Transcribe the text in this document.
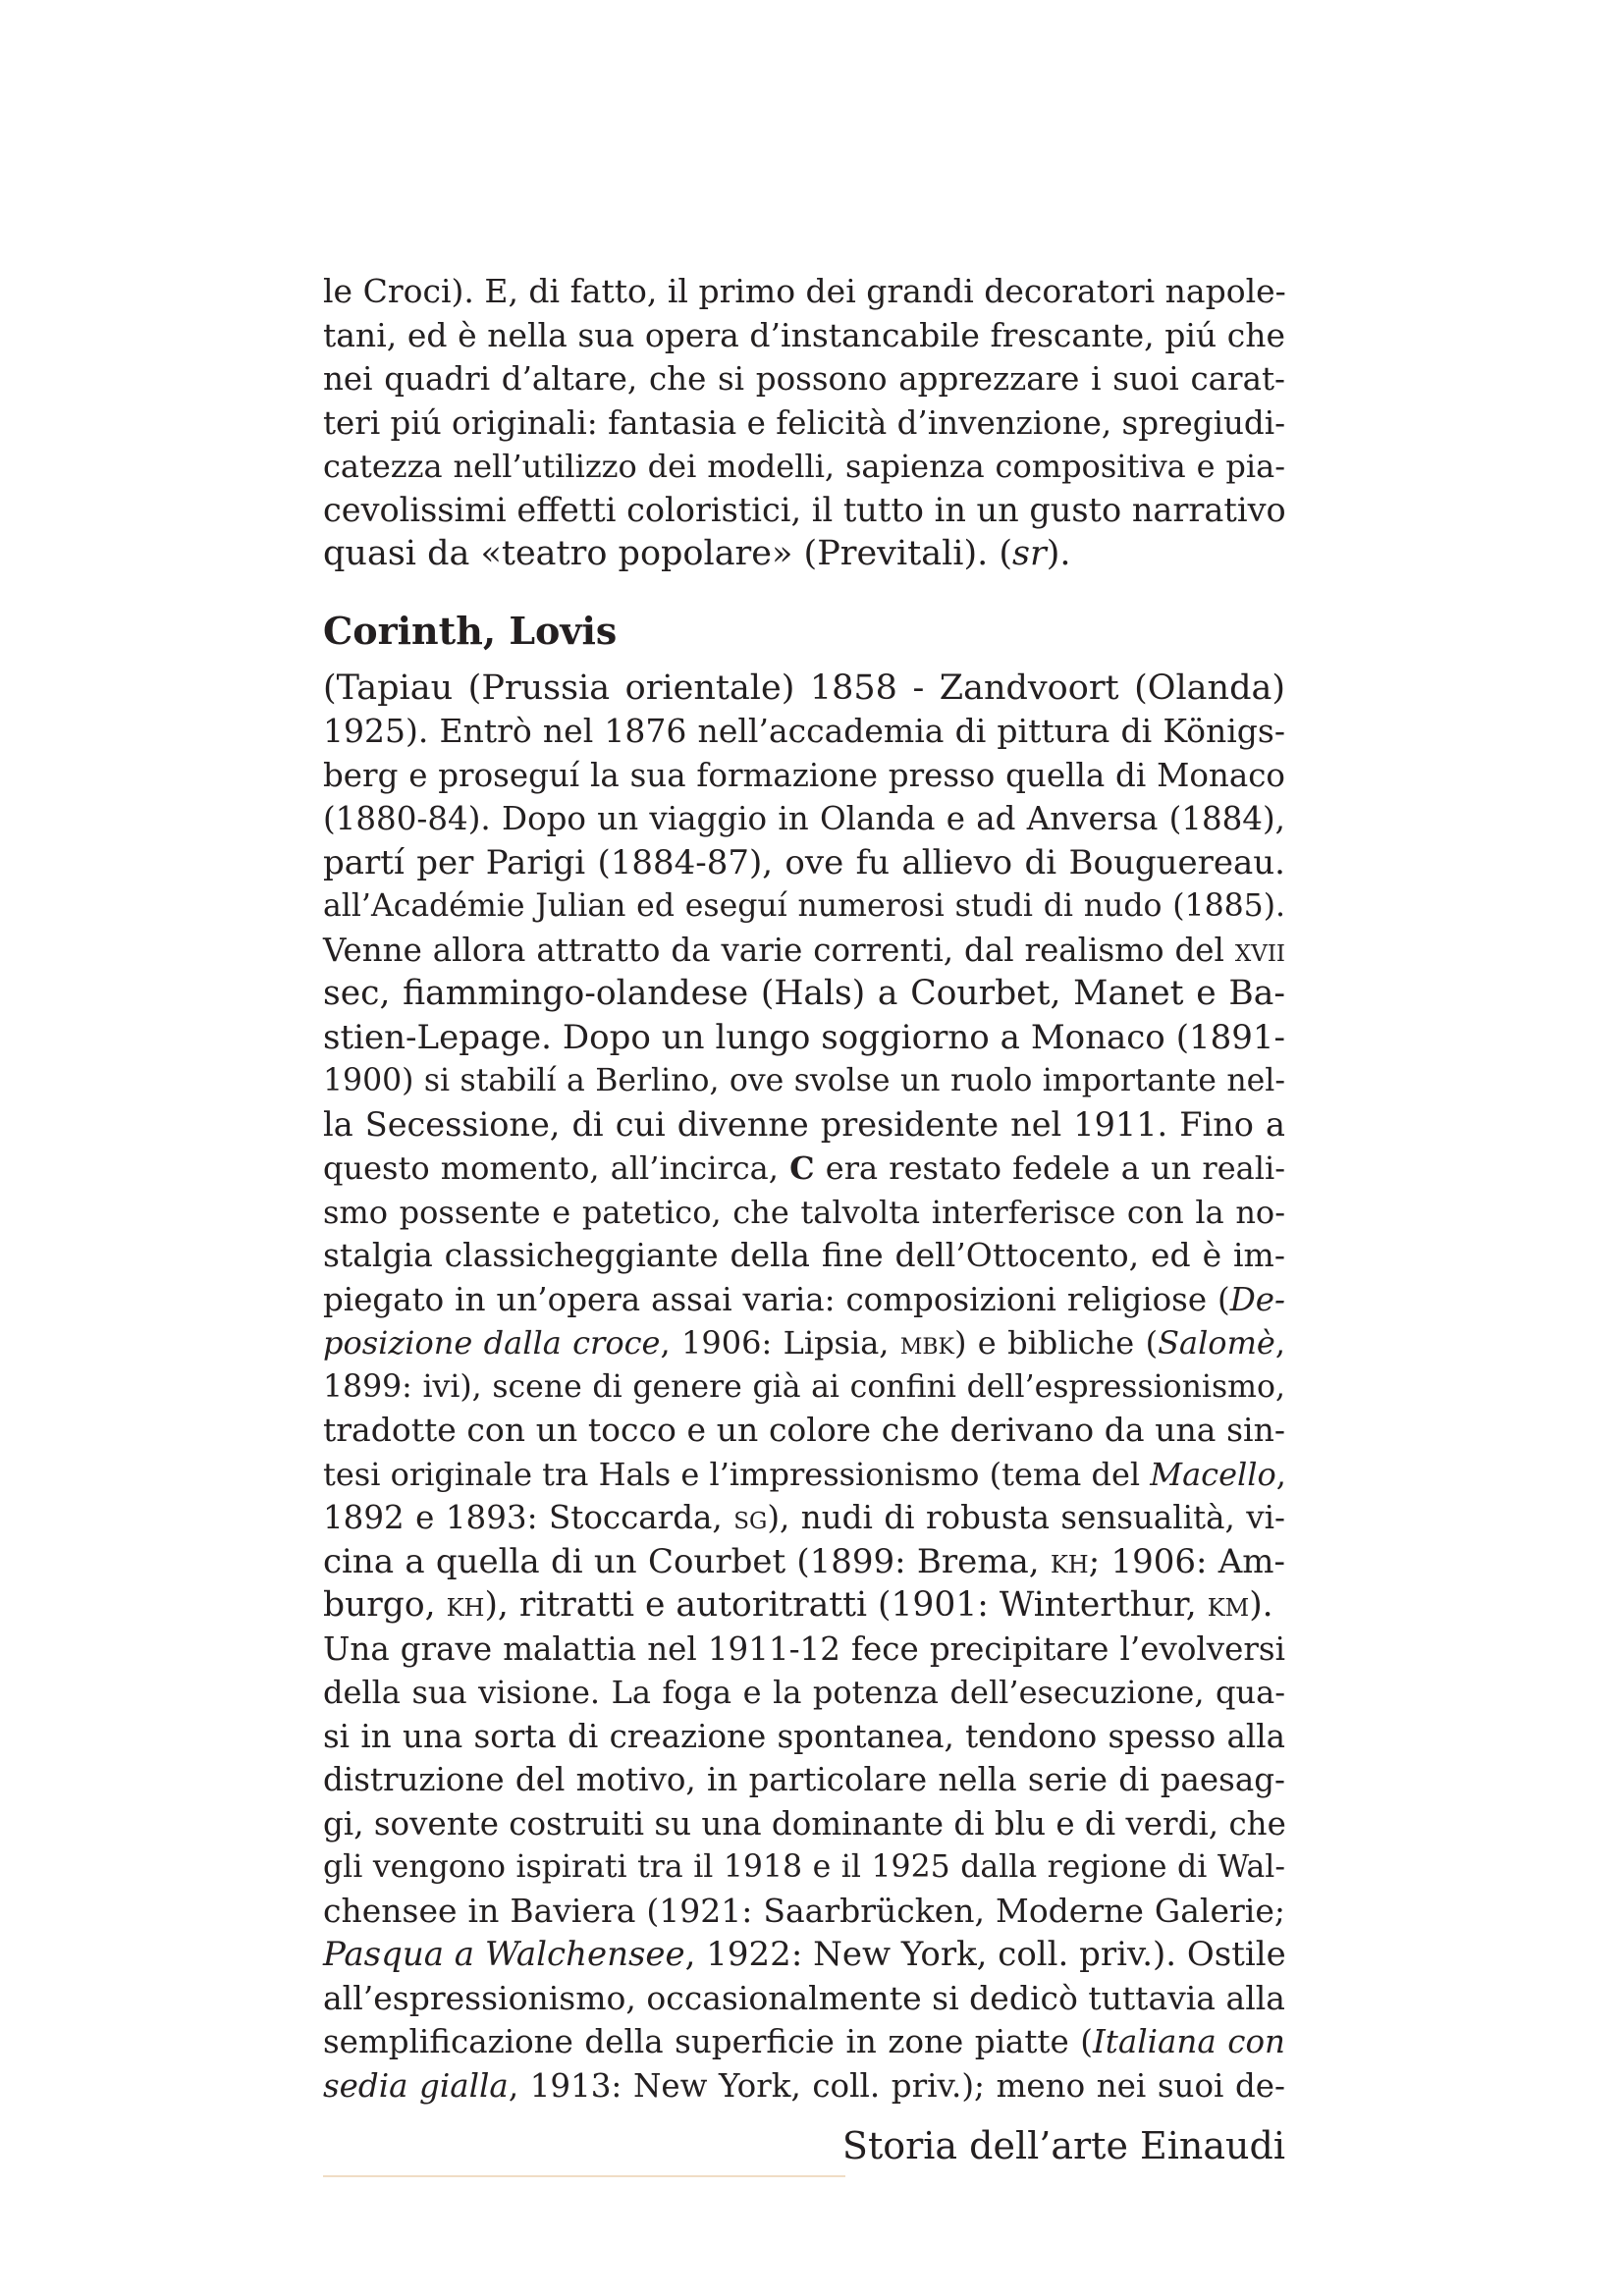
le Croci). E, di fatto, il primo dei grandi decoratori napole-
tani, ed è nella sua opera d’instancabile frescante, piú che
nei quadri d’altare, che si possono apprezzare i suoi carat-
teri piú originali: fantasia e felicità d’invenzione, spregiudi-
catezza nell’utilizzo dei modelli, sapienza compositiva e pia-
cevolissimi effetti coloristici, il tutto in un gusto narrativo
quasi da «teatro popolare» (Previtali). (sr).
Corinth, Lovis
(Tapiau (Prussia orientale) 1858 - Zandvoort (Olanda)
1925). Entrò nel 1876 nell’accademia di pittura di Königs-
berg e proseguí la sua formazione presso quella di Monaco
(1880-84). Dopo un viaggio in Olanda e ad Anversa (1884),
partí per Parigi (1884-87), ove fu allievo di Bouguereau.
all’Académie Julian ed eseguí numerosi studi di nudo (1885).
Venne allora attratto da varie correnti, dal realismo del xvii
sec, fiammingo-olandese (Hals) a Courbet, Manet e Ba-
stien-Lepage. Dopo un lungo soggiorno a Monaco (1891-
1900) si stabilí a Berlino, ove svolse un ruolo importante nel-
la Secessione, di cui divenne presidente nel 1911. Fino a
questo momento, all’incirca, C era restato fedele a un reali-
smo possente e patetico, che talvolta interferisce con la no-
stalgia classicheggiante della fine dell’Ottocento, ed è im-
piegato in un’opera assai varia: composizioni religiose (De-
posizione dalla croce, 1906: Lipsia, mbk) e bibliche (Salomè,
1899: ivi), scene di genere già ai confini dell’espressionismo,
tradotte con un tocco e un colore che derivano da una sin-
tesi originale tra Hals e l’impressionismo (tema del Macello,
1892 e 1893: Stoccarda, sg), nudi di robusta sensualità, vi-
cina a quella di un Courbet (1899: Brema, kh; 1906: Am-
burgo, kh), ritratti e autoritratti (1901: Winterthur, km).
Una grave malattia nel 1911-12 fece precipitare l’evolversi
della sua visione. La foga e la potenza dell’esecuzione, qua-
si in una sorta di creazione spontanea, tendono spesso alla
distruzione del motivo, in particolare nella serie di paesag-
gi, sovente costruiti su una dominante di blu e di verdi, che
gli vengono ispirati tra il 1918 e il 1925 dalla regione di Wal-
chensee in Baviera (1921: Saarbrücken, Moderne Galerie;
Pasqua a Walchensee, 1922: New York, coll. priv.). Ostile
all’espressionismo, occasionalmente si dedicò tuttavia alla
semplificazione della superficie in zone piatte (Italiana con
sedia gialla, 1913: New York, coll. priv.); meno nei suoi de-
Storia dell’arte Einaudi
